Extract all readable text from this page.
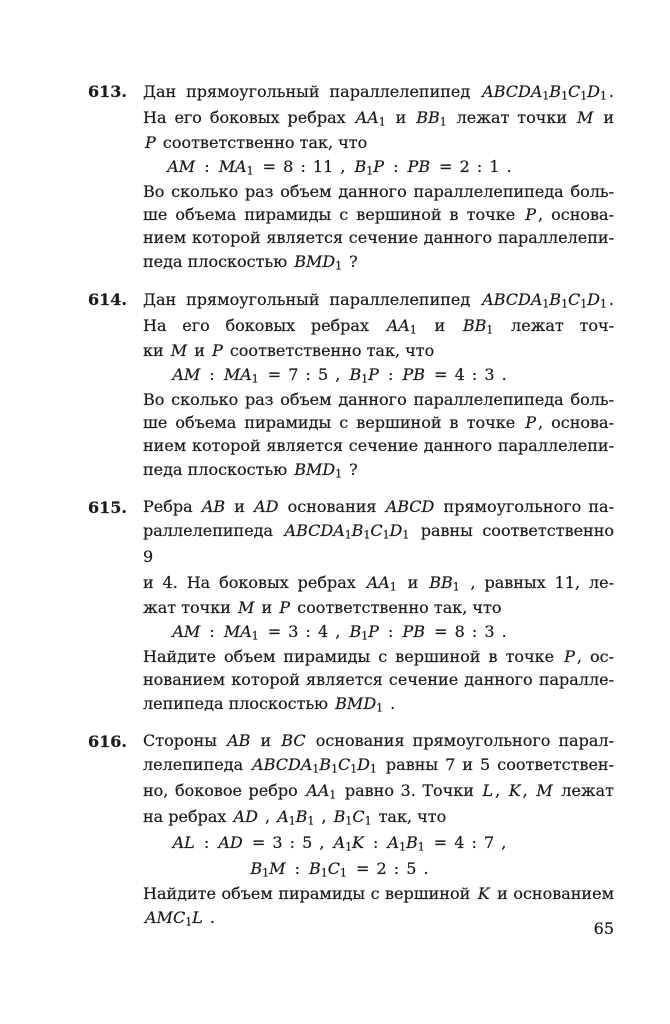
613.	Дан прямоугольный параллелепипед $ABCDA_1B_1C_1D_1$ .
На его боковых ребрах $AA_1$ и $BB_1$ лежат точки M и
P соответственно так, что
AM : $MA_1 = 8$ : 11 , $B_1P$ : PB = 2 : 1 .
Во сколько раз объем данного параллелепипеда боль-
ше объема пирамиды с вершиной в точке P , основа-
нием которой является сечение данного параллелепи-
педа плоскостью $BMD_1$ ?
614.	Дан прямоугольный параллелепипед $ABCDA_1B_1C_1D_1$ .
На его боковых ребрах $AA_1$ и $BB_1$ лежат точ-
ки M и P соответственно так, что
AM : $MA_1 = 7$ : 5 , $B_1P$ : PB = 4 : 3 .
Во сколько раз объем данного параллелепипеда боль-
ше объема пирамиды с вершиной в точке P , основа-
нием которой является сечение данного параллелепи-
педа плоскостью $BMD_1$ ?
615.	Ребра AB и AD основания ABCD прямоугольного па-
раллелепипеда $ABCDA_1B_1C_1D_1$ равны соответственно 9
и 4. На боковых ребрах $AA_1$ и $BB_1$ , равных 11, ле-
жат точки M и P соответственно так, что
AM : $MA_1 = 3$ : 4 , $B_1P$ : PB = 8 : 3 .
Найдите объем пирамиды с вершиной в точке P , ос-
нованием которой является сечение данного паралле-
лепипеда плоскостью $BMD_1$ .
616.	Стороны AB и BC основания прямоугольного парал-
лелепипеда $ABCDA_1B_1C_1D_1$ равны 7 и 5 соответствен-
но, боковое ребро $AA_1$ равно 3. Точки L , K , M лежат
на ребрах AD , $A_1B_1$ , $B_1C_1$ так, что
AL : AD = 3 : 5 , $A_1K$ : $A_1B_1 = 4$ : 7 ,
$B_1M$ : $B_1C_1 = 2$ : 5 .
Найдите объем пирамиды с вершиной K и основанием
$AMC_1L$ .
65
